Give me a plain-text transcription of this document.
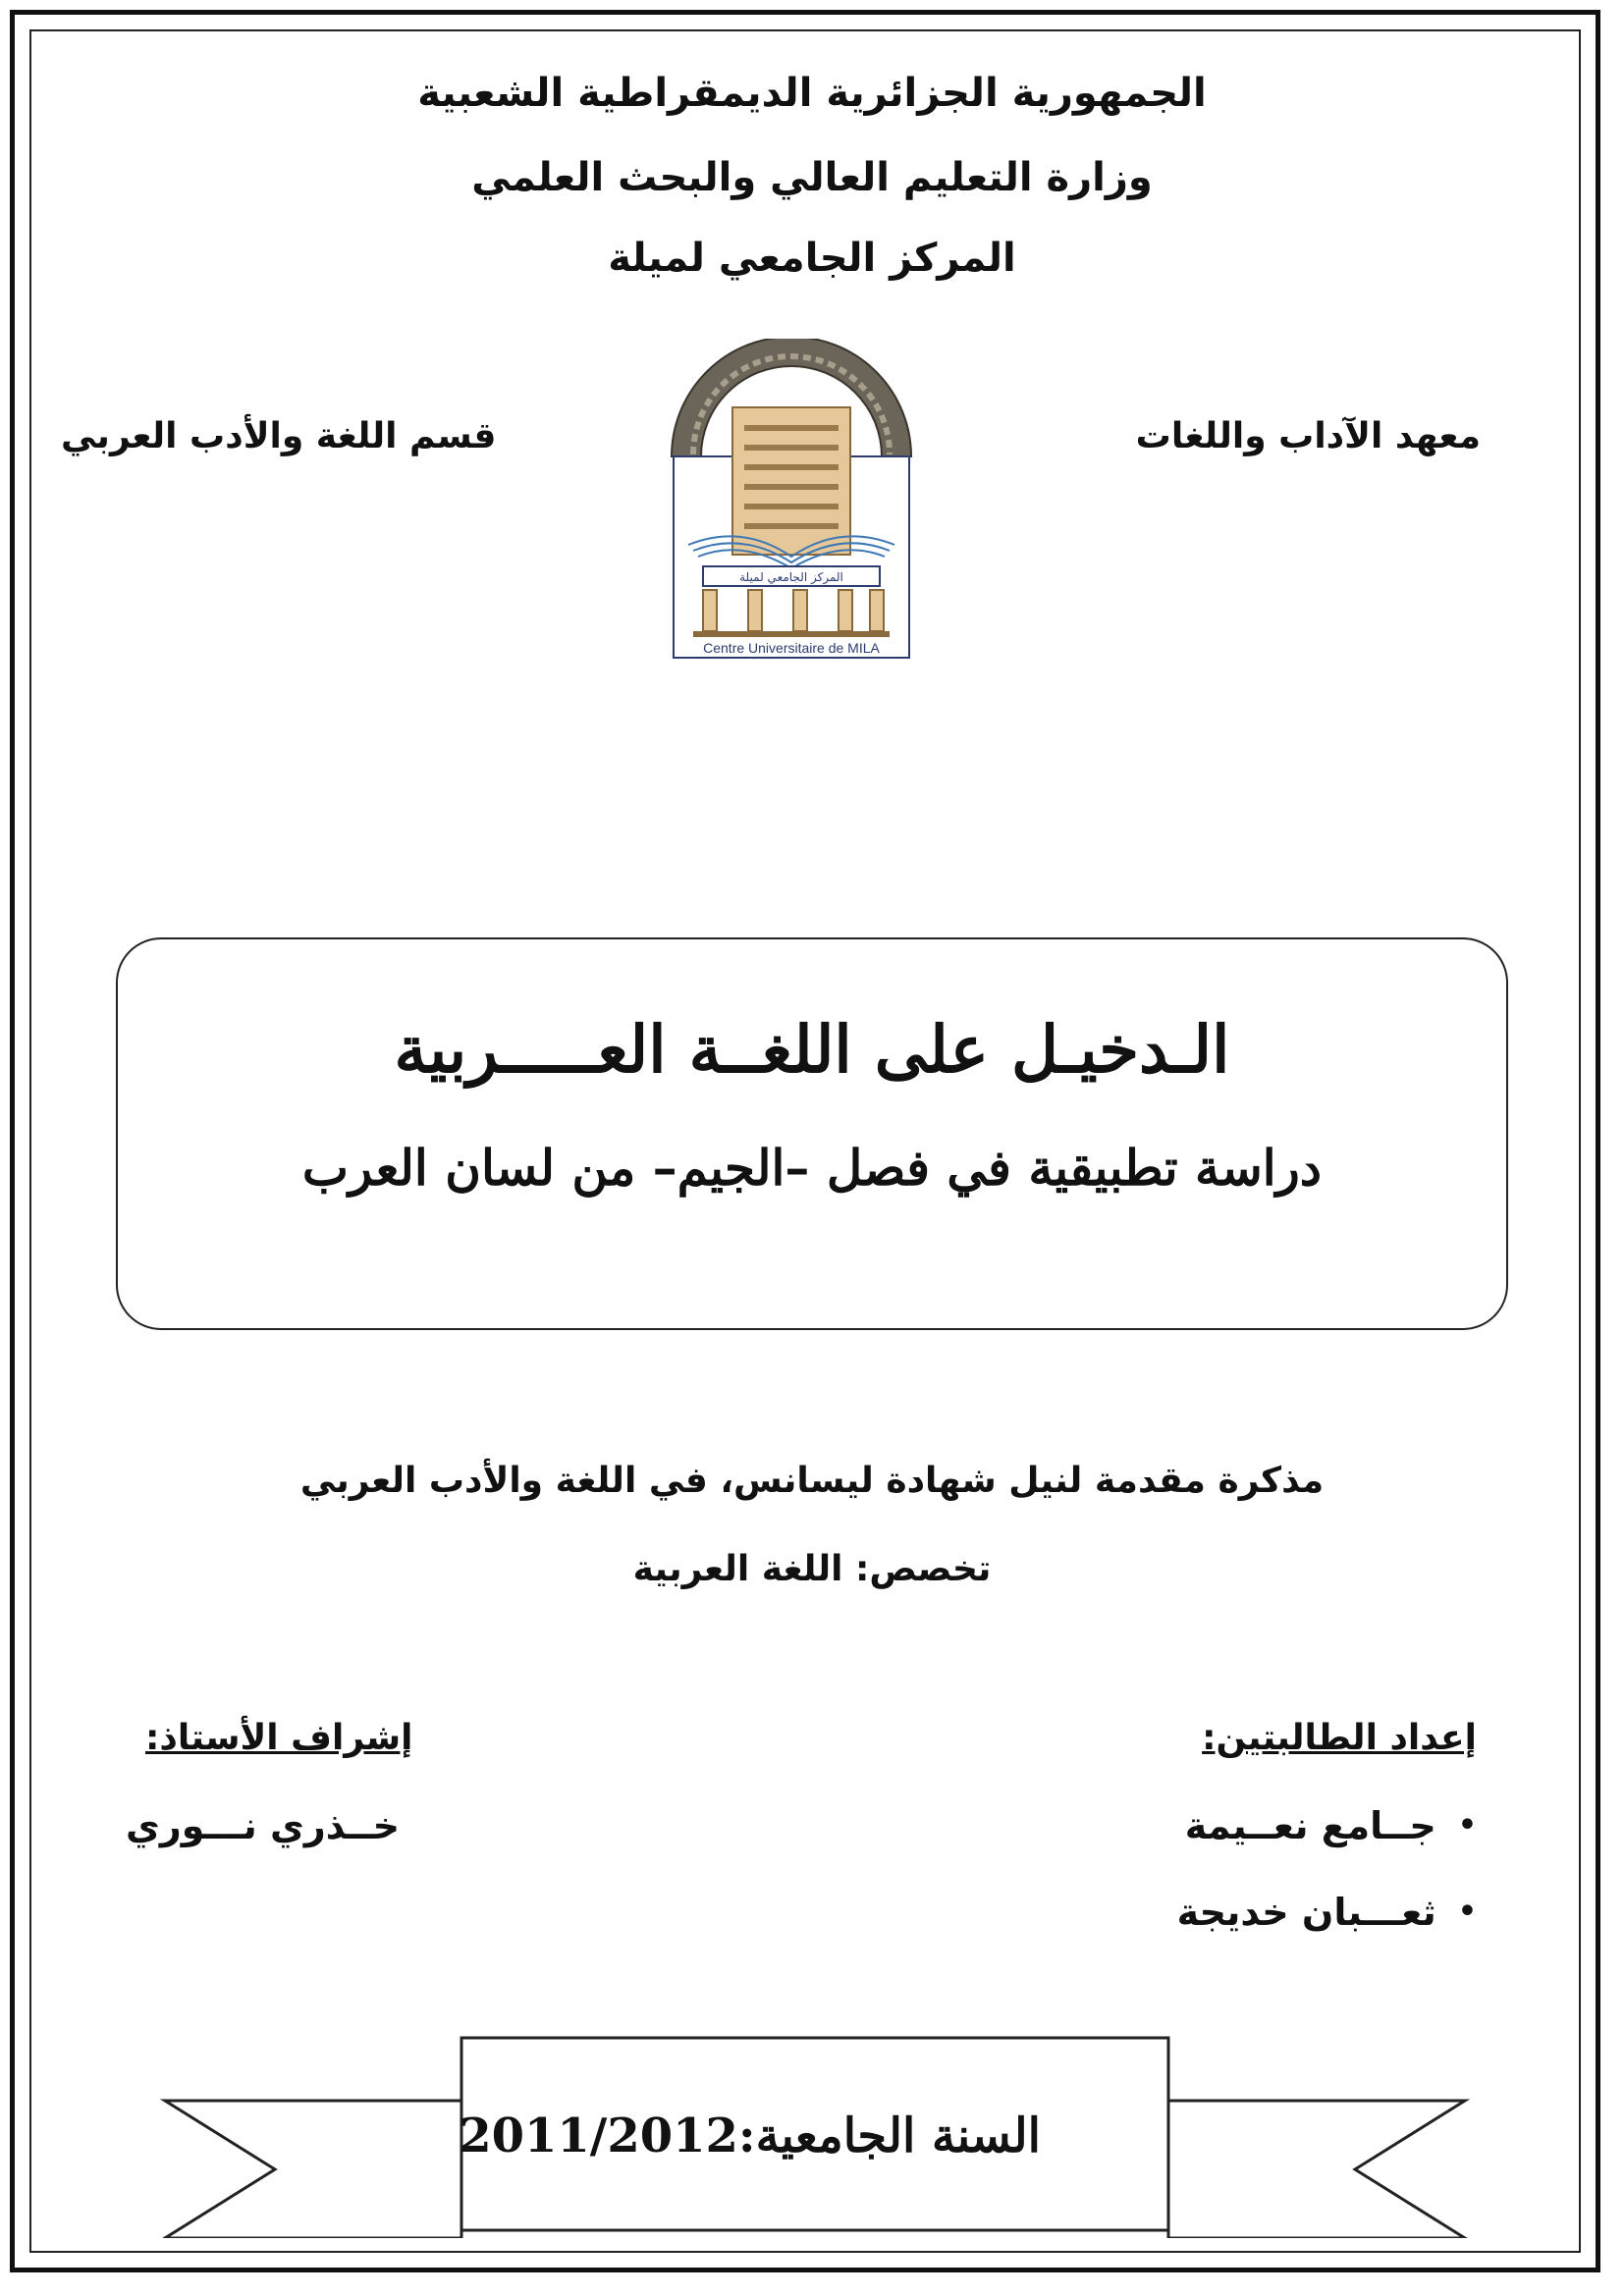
الجمهورية الجزائرية الديمقراطية الشعبية
وزارة التعليم العالي والبحث العلمي
المركز الجامعي لميلة
معهد الآداب واللغات
قسم اللغة والأدب العربي
المركز الجامعي لميلة
Centre Universitaire de MILA
الـدخيـل على اللغــة العـــــربية
دراسة تطبيقية في فصل –الجيم– من لسان العرب
مذكرة مقدمة لنيل شهادة ليسانس، في اللغة والأدب العربي
تخصص: اللغة العربية
إعداد الطالبتين:
•جــامع نعــيمة
•ثعـــبان خديجة
إشراف الأستاذ:
خــذري نـــوري
السنة الجامعية:2011/2012
